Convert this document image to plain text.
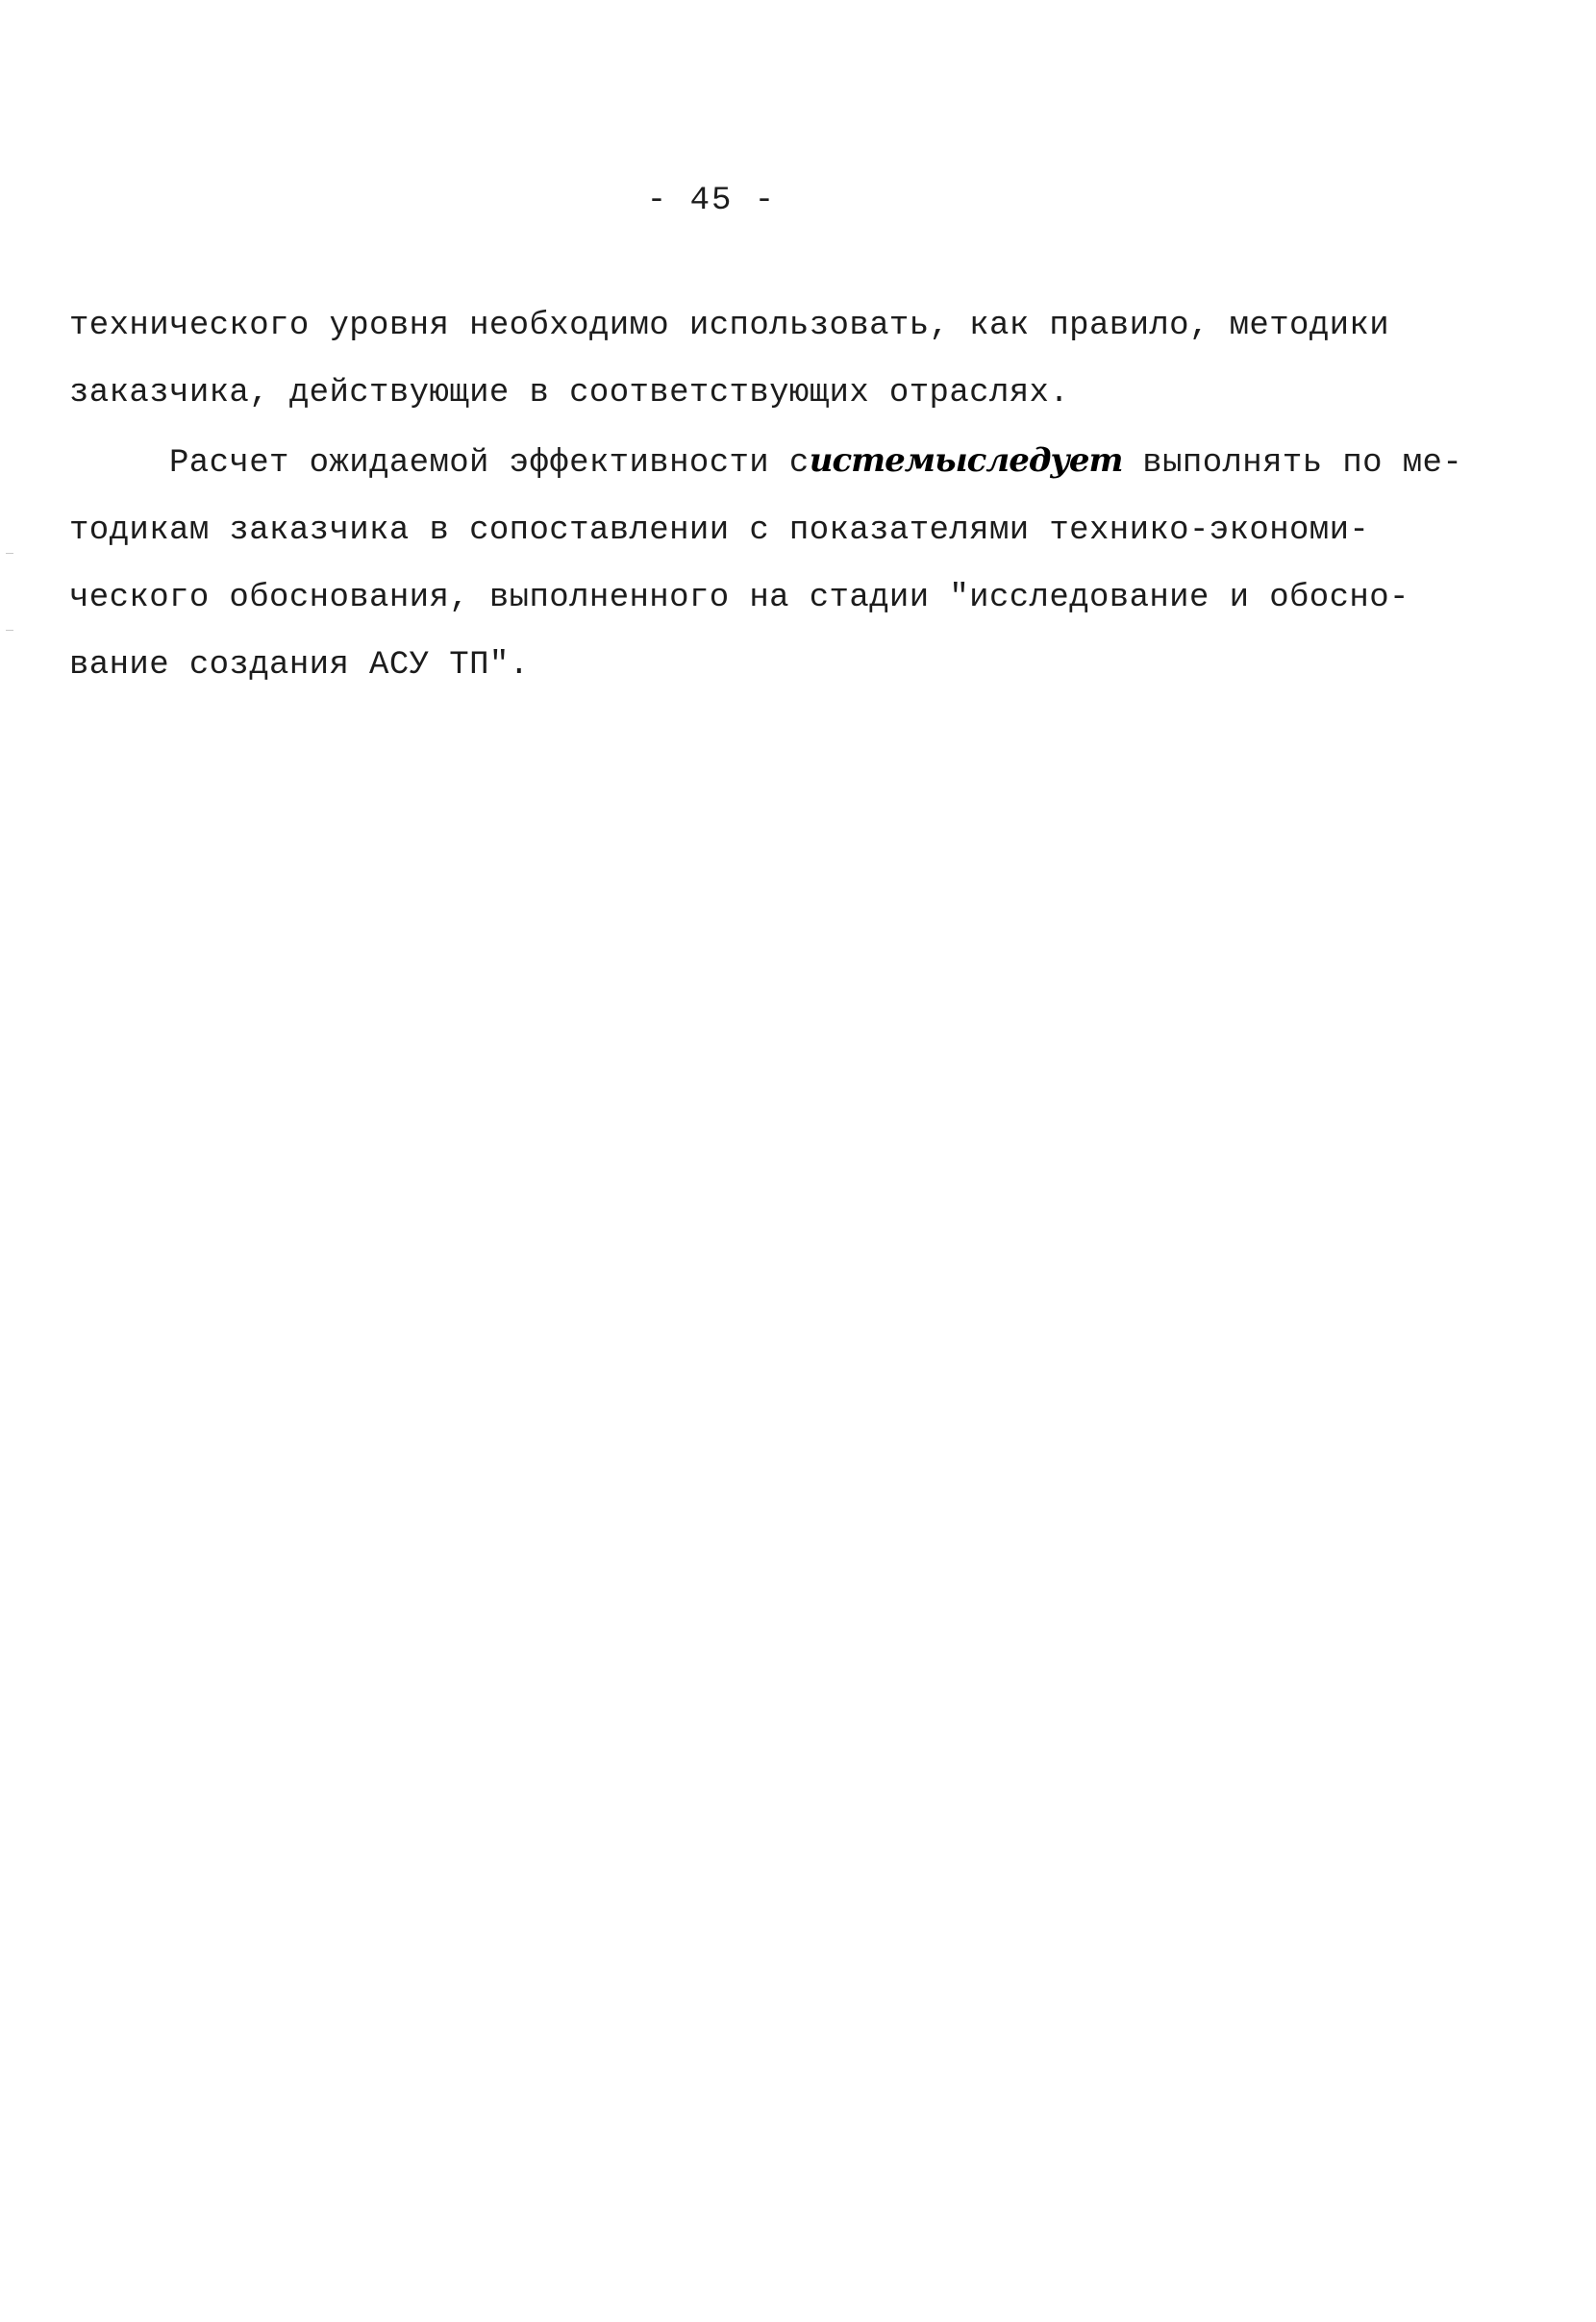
- 45 -
технического уровня необходимо использовать, как правило, методики
заказчика, действующие в соответствующих отраслях.
Расчет ожидаемой эффективности системыследует выполнять по ме-
тодикам заказчика в сопоставлении с показателями технико-экономи-
ческого обоснования, выполненного на стадии "исследование и обосно-
вание создания АСУ ТП".
